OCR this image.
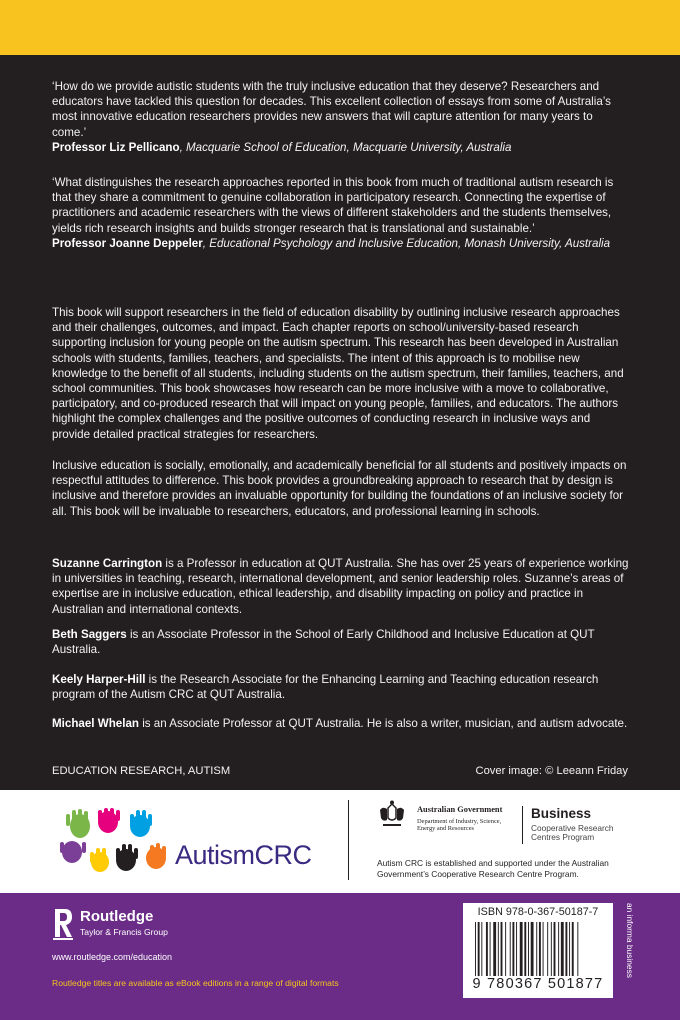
‘How do we provide autistic students with the truly inclusive education that they deserve? Researchers and educators have tackled this question for decades. This excellent collection of essays from some of Australia’s most innovative education researchers provides new answers that will capture attention for many years to come.’
Professor Liz Pellicano, Macquarie School of Education, Macquarie University, Australia
‘What distinguishes the research approaches reported in this book from much of traditional autism research is that they share a commitment to genuine collaboration in participatory research. Connecting the expertise of practitioners and academic researchers with the views of different stakeholders and the students themselves, yields rich research insights and builds stronger research that is translational and sustainable.’
Professor Joanne Deppeler, Educational Psychology and Inclusive Education, Monash University, Australia
This book will support researchers in the field of education disability by outlining inclusive research approaches and their challenges, outcomes, and impact. Each chapter reports on school/university-based research supporting inclusion for young people on the autism spectrum. This research has been developed in Australian schools with students, families, teachers, and specialists. The intent of this approach is to mobilise new knowledge to the benefit of all students, including students on the autism spectrum, their families, teachers, and school communities. This book showcases how research can be more inclusive with a move to collaborative, participatory, and co-produced research that will impact on young people, families, and educators. The authors highlight the complex challenges and the positive outcomes of conducting research in inclusive ways and provide detailed practical strategies for researchers.
Inclusive education is socially, emotionally, and academically beneficial for all students and positively impacts on respectful attitudes to difference. This book provides a groundbreaking approach to research that by design is inclusive and therefore provides an invaluable opportunity for building the foundations of an inclusive society for all. This book will be invaluable to researchers, educators, and professional learning in schools.
Suzanne Carrington is a Professor in education at QUT Australia. She has over 25 years of experience working in universities in teaching, research, international development, and senior leadership roles. Suzanne’s areas of expertise are in inclusive education, ethical leadership, and disability impacting on policy and practice in Australian and international contexts.
Beth Saggers is an Associate Professor in the School of Early Childhood and Inclusive Education at QUT Australia.
Keely Harper-Hill is the Research Associate for the Enhancing Learning and Teaching education research program of the Autism CRC at QUT Australia.
Michael Whelan is an Associate Professor at QUT Australia. He is also a writer, musician, and autism advocate.
EDUCATION RESEARCH, AUTISM	Cover image: © Leeann Friday
AutismCRC
Australian Government
Department of Industry, Science,
Energy and Resources
Business
Cooperative Research
Centres Program
Autism CRC is established and supported under the Australian
Government’s Cooperative Research Centre Program.
Routledge
Taylor & Francis Group
www.routledge.com/education
Routledge titles are available as eBook editions in a range of digital formats
ISBN 978-0-367-50187-7
9 780367 501877
an informa business
